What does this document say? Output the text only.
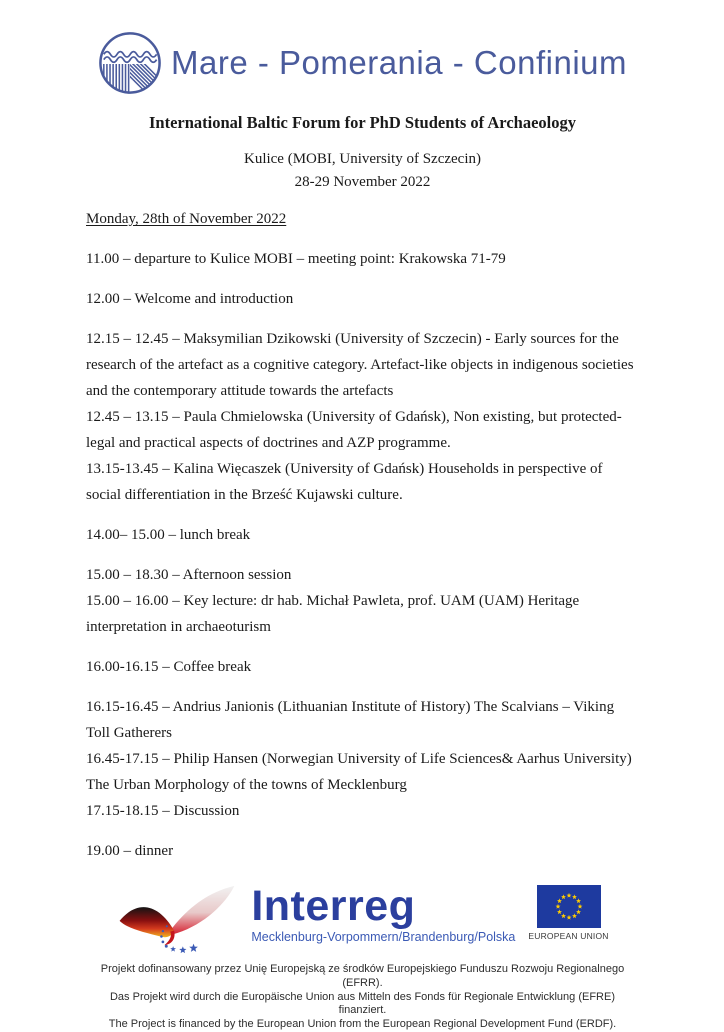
Mare - Pomerania - Confinium
International Baltic Forum for PhD Students of Archaeology
Kulice (MOBI, University of Szczecin)
28-29 November 2022
Monday, 28th of November 2022

11.00 – departure to Kulice MOBI – meeting point: Krakowska 71-79

12.00 – Welcome and introduction

12.15 – 12.45 – Maksymilian Dzikowski (University of Szczecin) - Early sources for the research of the artefact as a cognitive category. Artefact-like objects in indigenous societies and the contemporary attitude towards the artefacts

12.45 – 13.15 – Paula Chmielowska (University of Gdańsk), Non existing, but protected-legal and practical aspects of doctrines and AZP programme.

13.15-13.45 – Kalina Więcaszek (University of Gdańsk) Households in perspective of social differentiation in the Brześć Kujawski culture.

14.00– 15.00 – lunch break

15.00 – 18.30 – Afternoon session

15.00 – 16.00 – Key lecture: dr hab. Michał Pawleta, prof. UAM (UAM) Heritage interpretation in archaeoturism

16.00-16.15 – Coffee break

16.15-16.45 – Andrius Janionis (Lithuanian Institute of History) The Scalvians – Viking Toll Gatherers

16.45-17.15 – Philip Hansen (Norwegian University of Life Sciences& Aarhus University) The Urban Morphology of the towns of Mecklenburg

17.15-18.15 – Discussion

19.00 – dinner

Interreg
Mecklenburg-Vorpommern/Brandenburg/Polska EUROPEAN UNION

Projekt dofinansowany przez Unię Europejską ze środków Europejskiego Funduszu Rozwoju Regionalnego (EFRR).

Das Projekt wird durch die Europäische Union aus Mitteln des Fonds für Regionale Entwicklung (EFRE) finanziert.

The Project is financed by the European Union from the European Regional Development Fund (ERDF).
